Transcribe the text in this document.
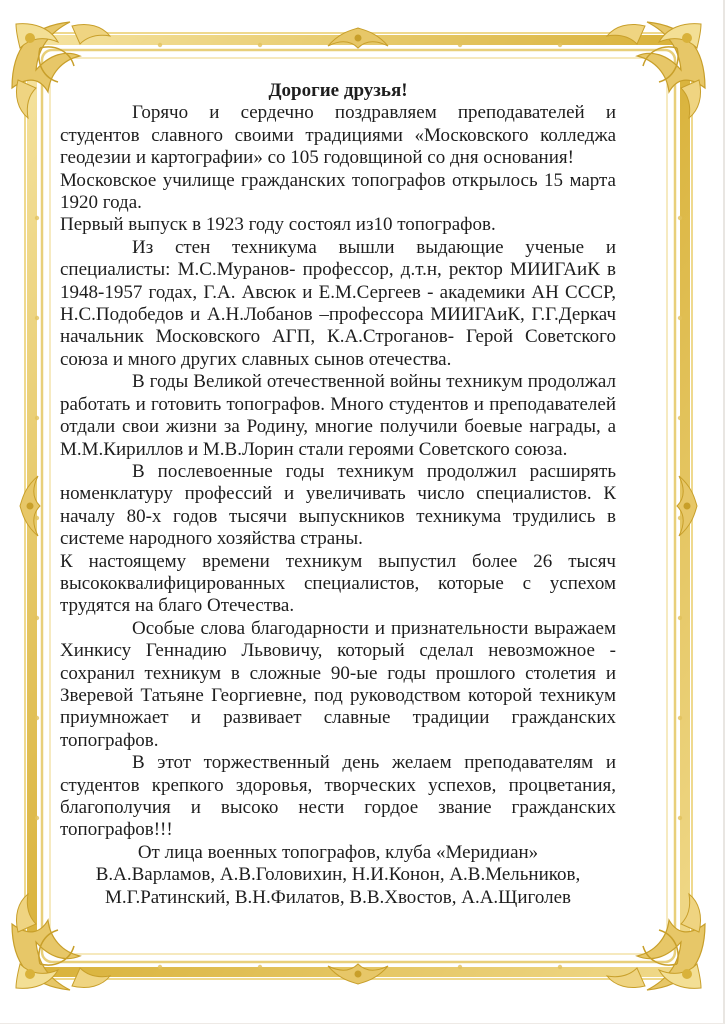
Дорогие друзья!

Горячо и сердечно поздравляем преподавателей и студентов славного своими традициями «Московского колледжа геодезии и картографии» со 105 годовщиной со дня основания!

Московское училище гражданских топографов открылось 15 марта 1920 года.

Первый выпуск в 1923 году состоял из10 топографов.

Из стен техникума вышли выдающие ученые и специалисты: М.С.Муранов- профессор, д.т.н, ректор МИИГАиК в 1948-1957 годах, Г.А. Авсюк и Е.М.Сергеев - академики АН СССР, Н.С.Подобедов и А.Н.Лобанов –профессора МИИГАиК, Г.Г.Деркач начальник Московского АГП, К.А.Строганов- Герой Советского союза и много других славных сынов отечества.

В годы Великой отечественной войны техникум продолжал работать и готовить топографов. Много студентов и преподавателей отдали свои жизни за Родину, многие получили боевые награды, а М.М.Кириллов и М.В.Лорин стали героями Советского союза.

В послевоенные годы техникум продолжил расширять номенклатуру профессий и увеличивать число специалистов. К началу 80-х годов тысячи выпускников техникума трудились в системе народного хозяйства страны.

К настоящему времени техникум выпустил более 26 тысяч высококвалифицированных специалистов, которые с успехом трудятся на благо Отечества.

Особые слова благодарности и признательности выражаем Хинкису Геннадию Львовичу, который сделал невозможное - сохранил техникум в сложные 90-ые годы прошлого столетия и Зверевой Татьяне Георгиевне, под руководством которой техникум приумножает и развивает славные традиции гражданских топографов.

В этот торжественный день желаем преподавателям и студентов крепкого здоровья, творческих успехов, процветания, благополучия и высоко нести гордое звание гражданских топографов!!!

От лица военных топографов, клуба «Меридиан»

В.А.Варламов, А.В.Головихин, Н.И.Конон, А.В.Мельников,

М.Г.Ратинский, В.Н.Филатов, В.В.Хвостов, А.А.Щиголев
